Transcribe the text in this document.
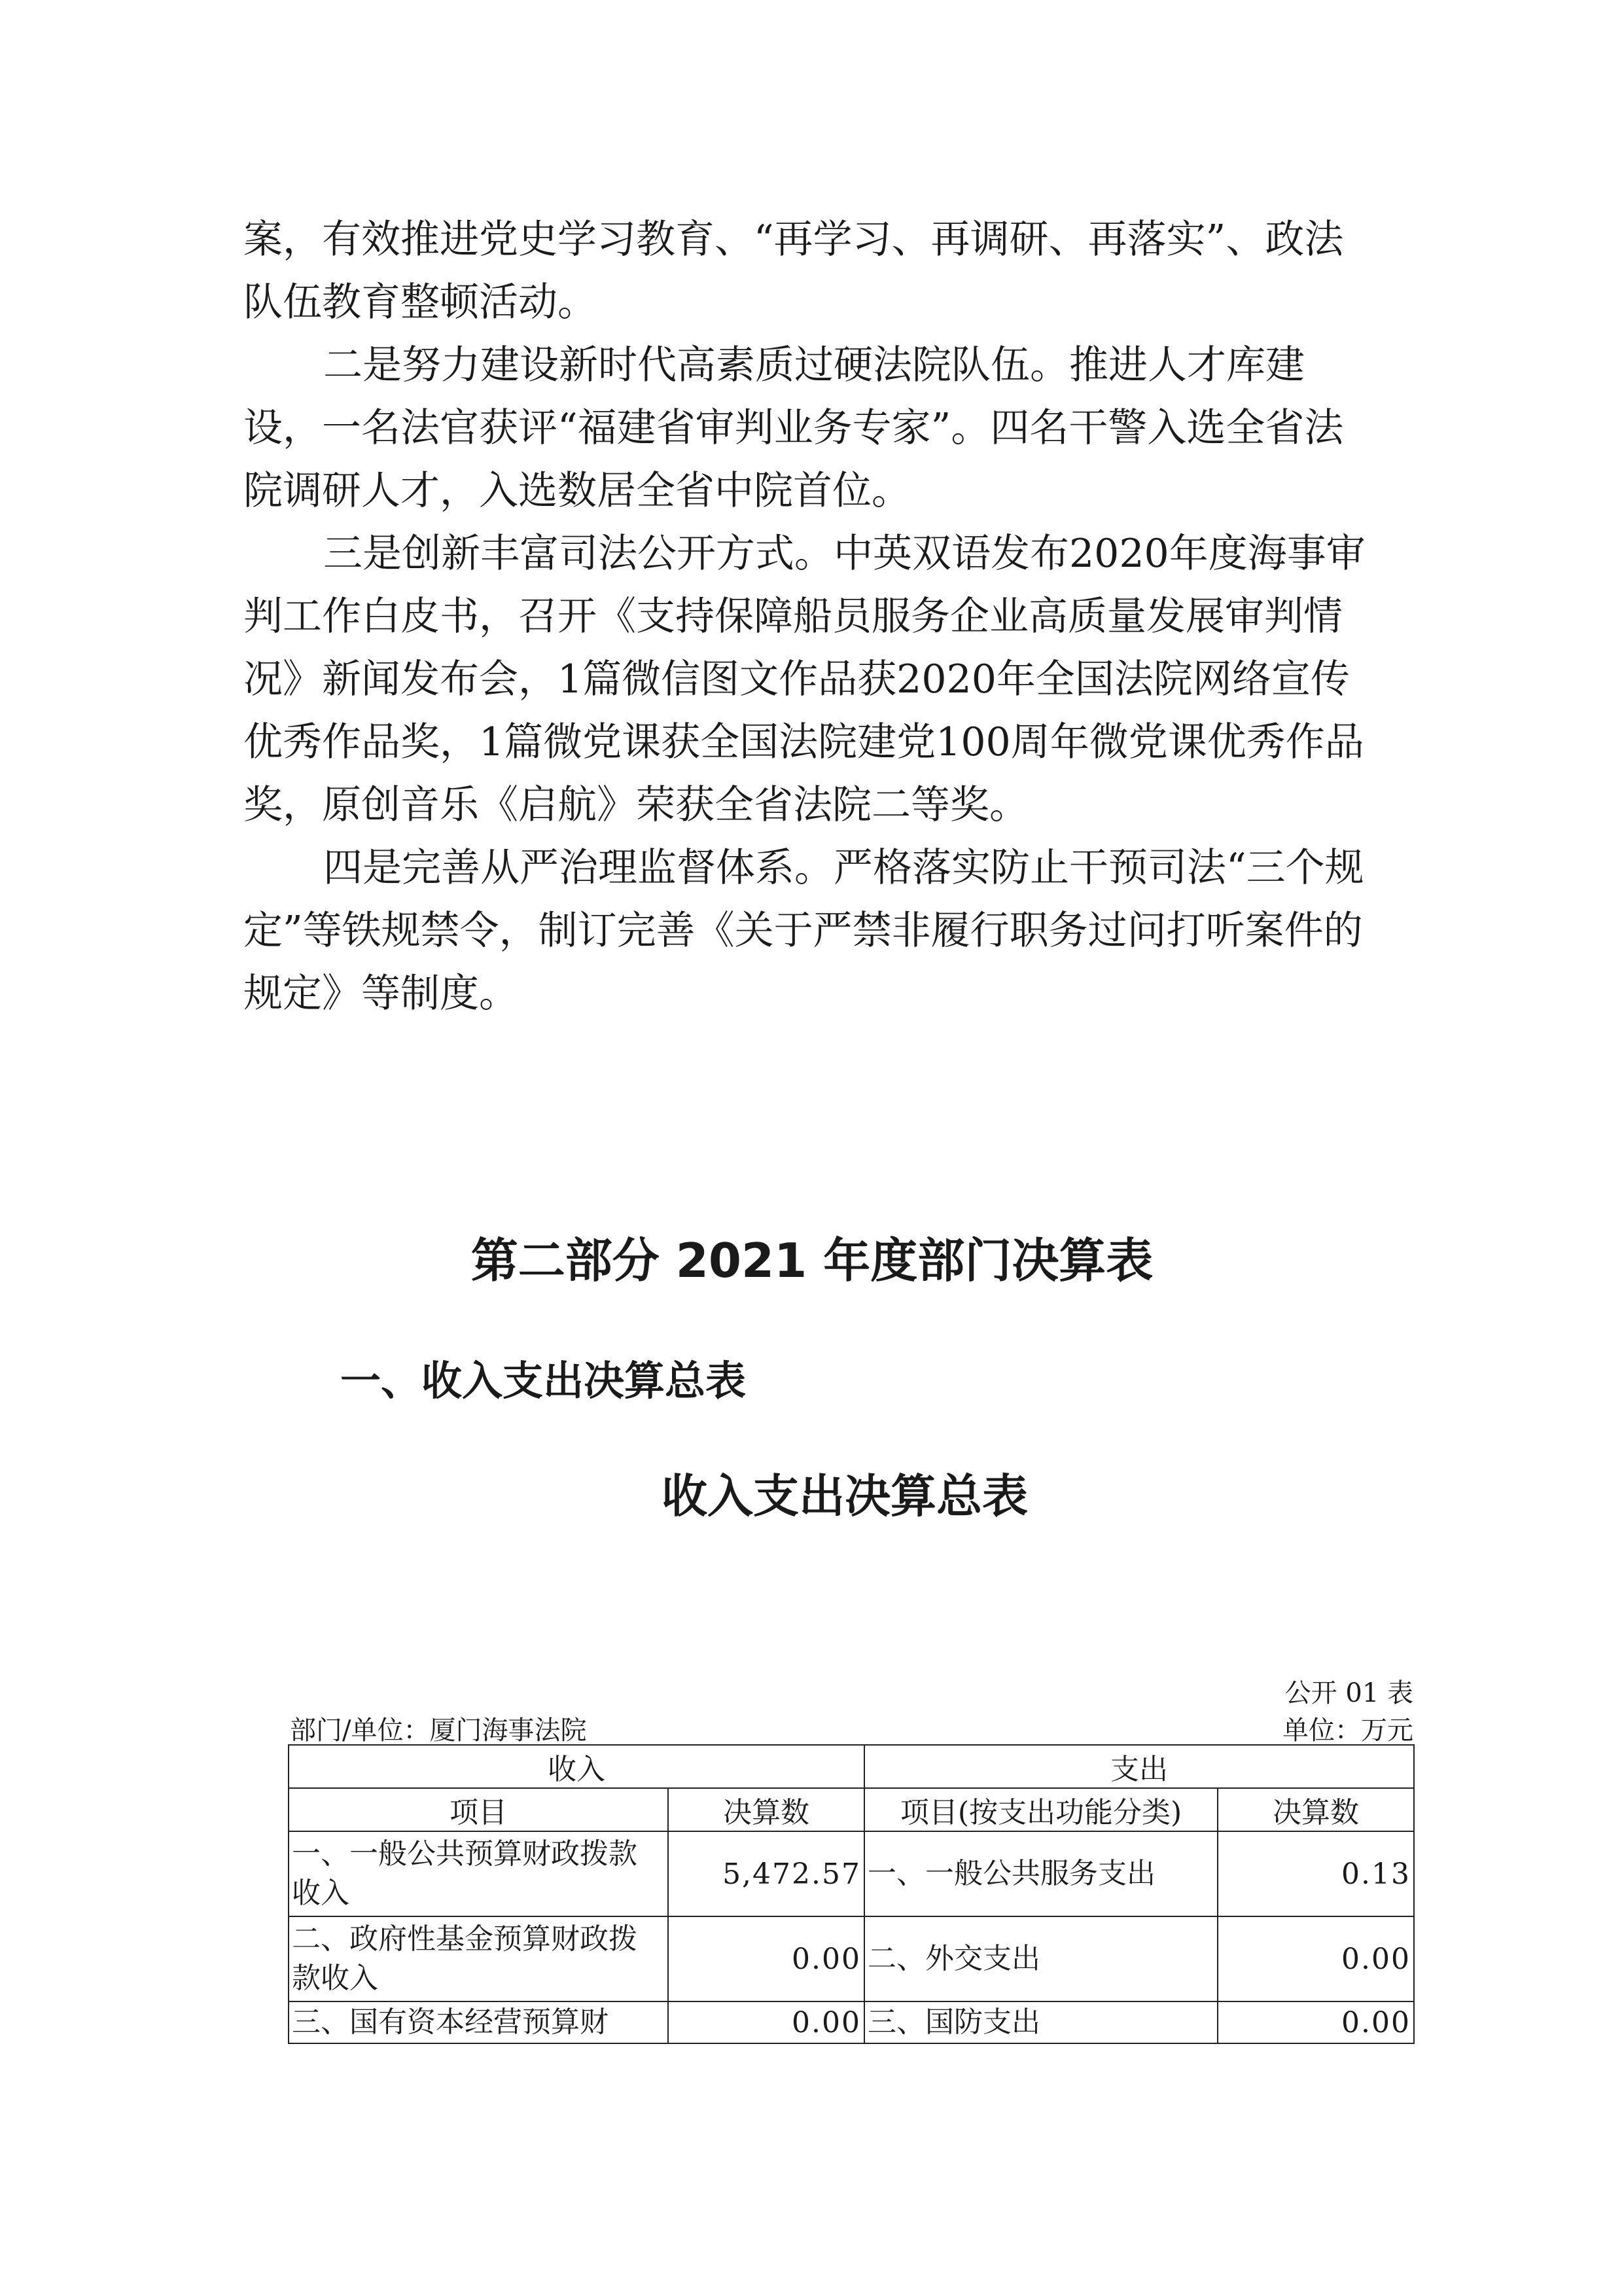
案，有效推进党史学习教育、“再学习、再调研、再落实”、政法队伍教育整顿活动。

二是努力建设新时代高素质过硬法院队伍。推进人才库建设，一名法官获评“福建省审判业务专家”。四名干警入选全省法院调研人才，入选数居全省中院首位。

三是创新丰富司法公开方式。中英双语发布2020年度海事审判工作白皮书，召开《支持保障船员服务企业高质量发展审判情况》新闻发布会，1篇微信图文作品获2020年全国法院网络宣传优秀作品奖，1篇微党课获全国法院建党100周年微党课优秀作品奖，原创音乐《启航》荣获全省法院二等奖。

四是完善从严治理监督体系。严格落实防止干预司法“三个规定”等铁规禁令，制订完善《关于严禁非履行职务过问打听案件的规定》等制度。

第二部分 2021 年度部门决算表
一、收入支出决算总表
收入支出决算总表
公开 01 表
部门/单位：厦门海事法院	单位：万元
收入		支出	
项目	决算数	项目(按支出功能分类)	决算数
一、一般公共预算财政拨款收入	5,472.57	一、一般公共服务支出	0.13
二、政府性基金预算财政拨款收入	0.00	二、外交支出	0.00
三、国有资本经营预算财	0.00	三、国防支出	0.00
